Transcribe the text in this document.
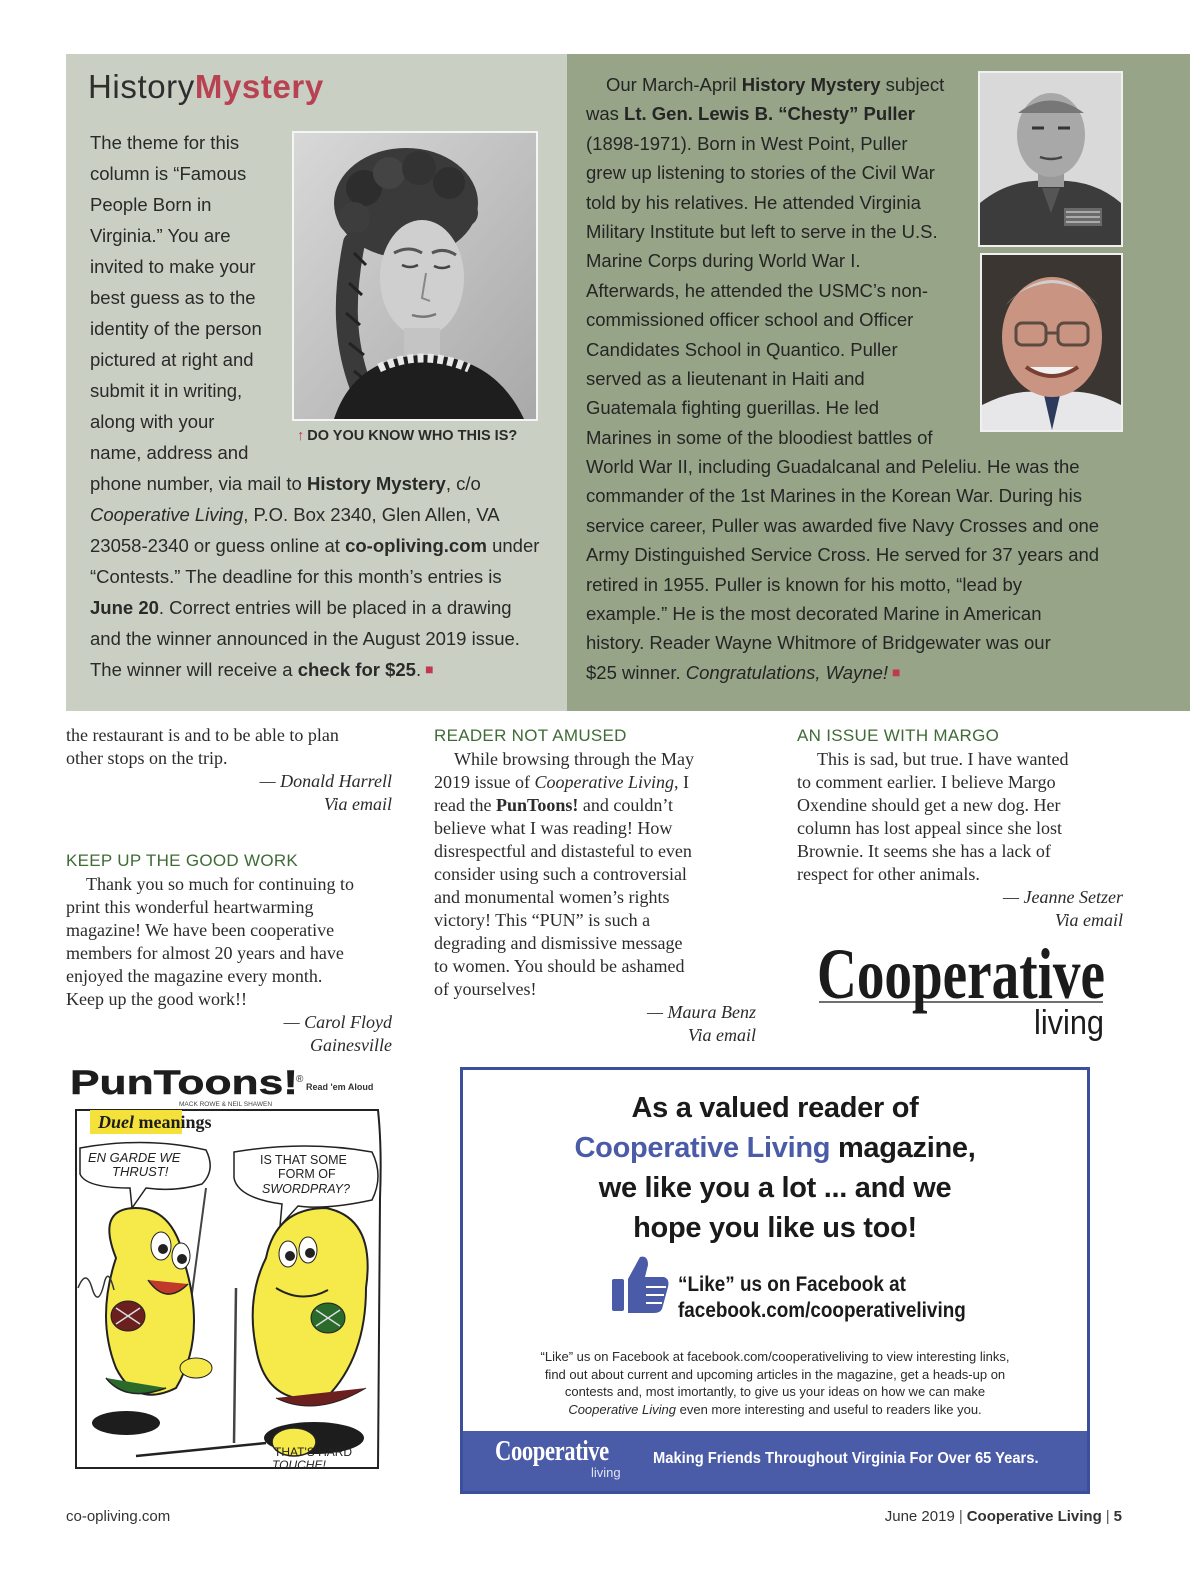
HistoryMystery
The theme for this
column is “Famous
People Born in
Virginia.” You are
invited to make your
best guess as to the
identity of the person
pictured at right and
submit it in writing,
along with your
name, address and
phone number, via mail to History Mystery, c/o
Cooperative Living, P.O. Box 2340, Glen Allen, VA
23058-2340 or guess online at co-opliving.com under
“Contests.” The deadline for this month’s entries is
June 20. Correct entries will be placed in a drawing
and the winner announced in the August 2019 issue.
The winner will receive a check for $25. ■
↑ DO YOU KNOW WHO THIS IS?
Our March-April History Mystery subject
was Lt. Gen. Lewis B. “Chesty” Puller
(1898-1971). Born in West Point, Puller
grew up listening to stories of the Civil War
told by his relatives. He attended Virginia
Military Institute but left to serve in the U.S.
Marine Corps during World War I.
Afterwards, he attended the USMC’s non-
commissioned officer school and Officer
Candidates School in Quantico. Puller
served as a lieutenant in Haiti and
Guatemala fighting guerillas. He led
Marines in some of the bloodiest battles of
World War II, including Guadalcanal and Peleliu. He was the
commander of the 1st Marines in the Korean War. During his
service career, Puller was awarded five Navy Crosses and one
Army Distinguished Service Cross. He served for 37 years and
retired in 1955. Puller is known for his motto, “lead by
example.” He is the most decorated Marine in American
history. Reader Wayne Whitmore of Bridgewater was our
$25 winner. Congratulations, Wayne! ■
the restaurant is and to be able to plan
other stops on the trip.
— Donald Harrell
Via email
KEEP UP THE GOOD WORK
Thank you so much for continuing to
print this wonderful heartwarming
magazine! We have been cooperative
members for almost 20 years and have
enjoyed the magazine every month.
Keep up the good work!!
— Carol Floyd
Gainesville
READER NOT AMUSED
While browsing through the May
2019 issue of Cooperative Living, I
read the PunToons! and couldn’t
believe what I was reading! How
disrespectful and distasteful to even
consider using such a controversial
and monumental women’s rights
victory! This “PUN” is such a
degrading and dismissive message
to women. You should be ashamed
of yourselves!
— Maura Benz
Via email
AN ISSUE WITH MARGO
This is sad, but true. I have wanted
to comment earlier. I believe Margo
Oxendine should get a new dog. Her
column has lost appeal since she lost
Brownie. It seems she has a lack of
respect for other animals.
— Jeanne Setzer
Via email
Cooperative
living
PunToons!
®
Read 'em Aloud
MACK ROWE & NEIL SHAWEN
Duel meanings
EN GARDE WE
THRUST!
IS THAT SOME
FORM OF
SWORDPRAY?
THAT'S HARD
TOUCHE!
As a valued reader of
Cooperative Living magazine,
we like you a lot ... and we
hope you like us too!
“Like” us on Facebook at
facebook.com/cooperativeliving
“Like” us on Facebook at facebook.com/cooperativeliving to view interesting links,
find out about current and upcoming articles in the magazine, get a heads-up on
contests and, most imortantly, to give us your ideas on how we can make
Cooperative Living even more interesting and useful to readers like you.
Cooperative
living
Making Friends Throughout Virginia For Over 65 Years.
co-opliving.com	June 2019 | Cooperative Living | 5
